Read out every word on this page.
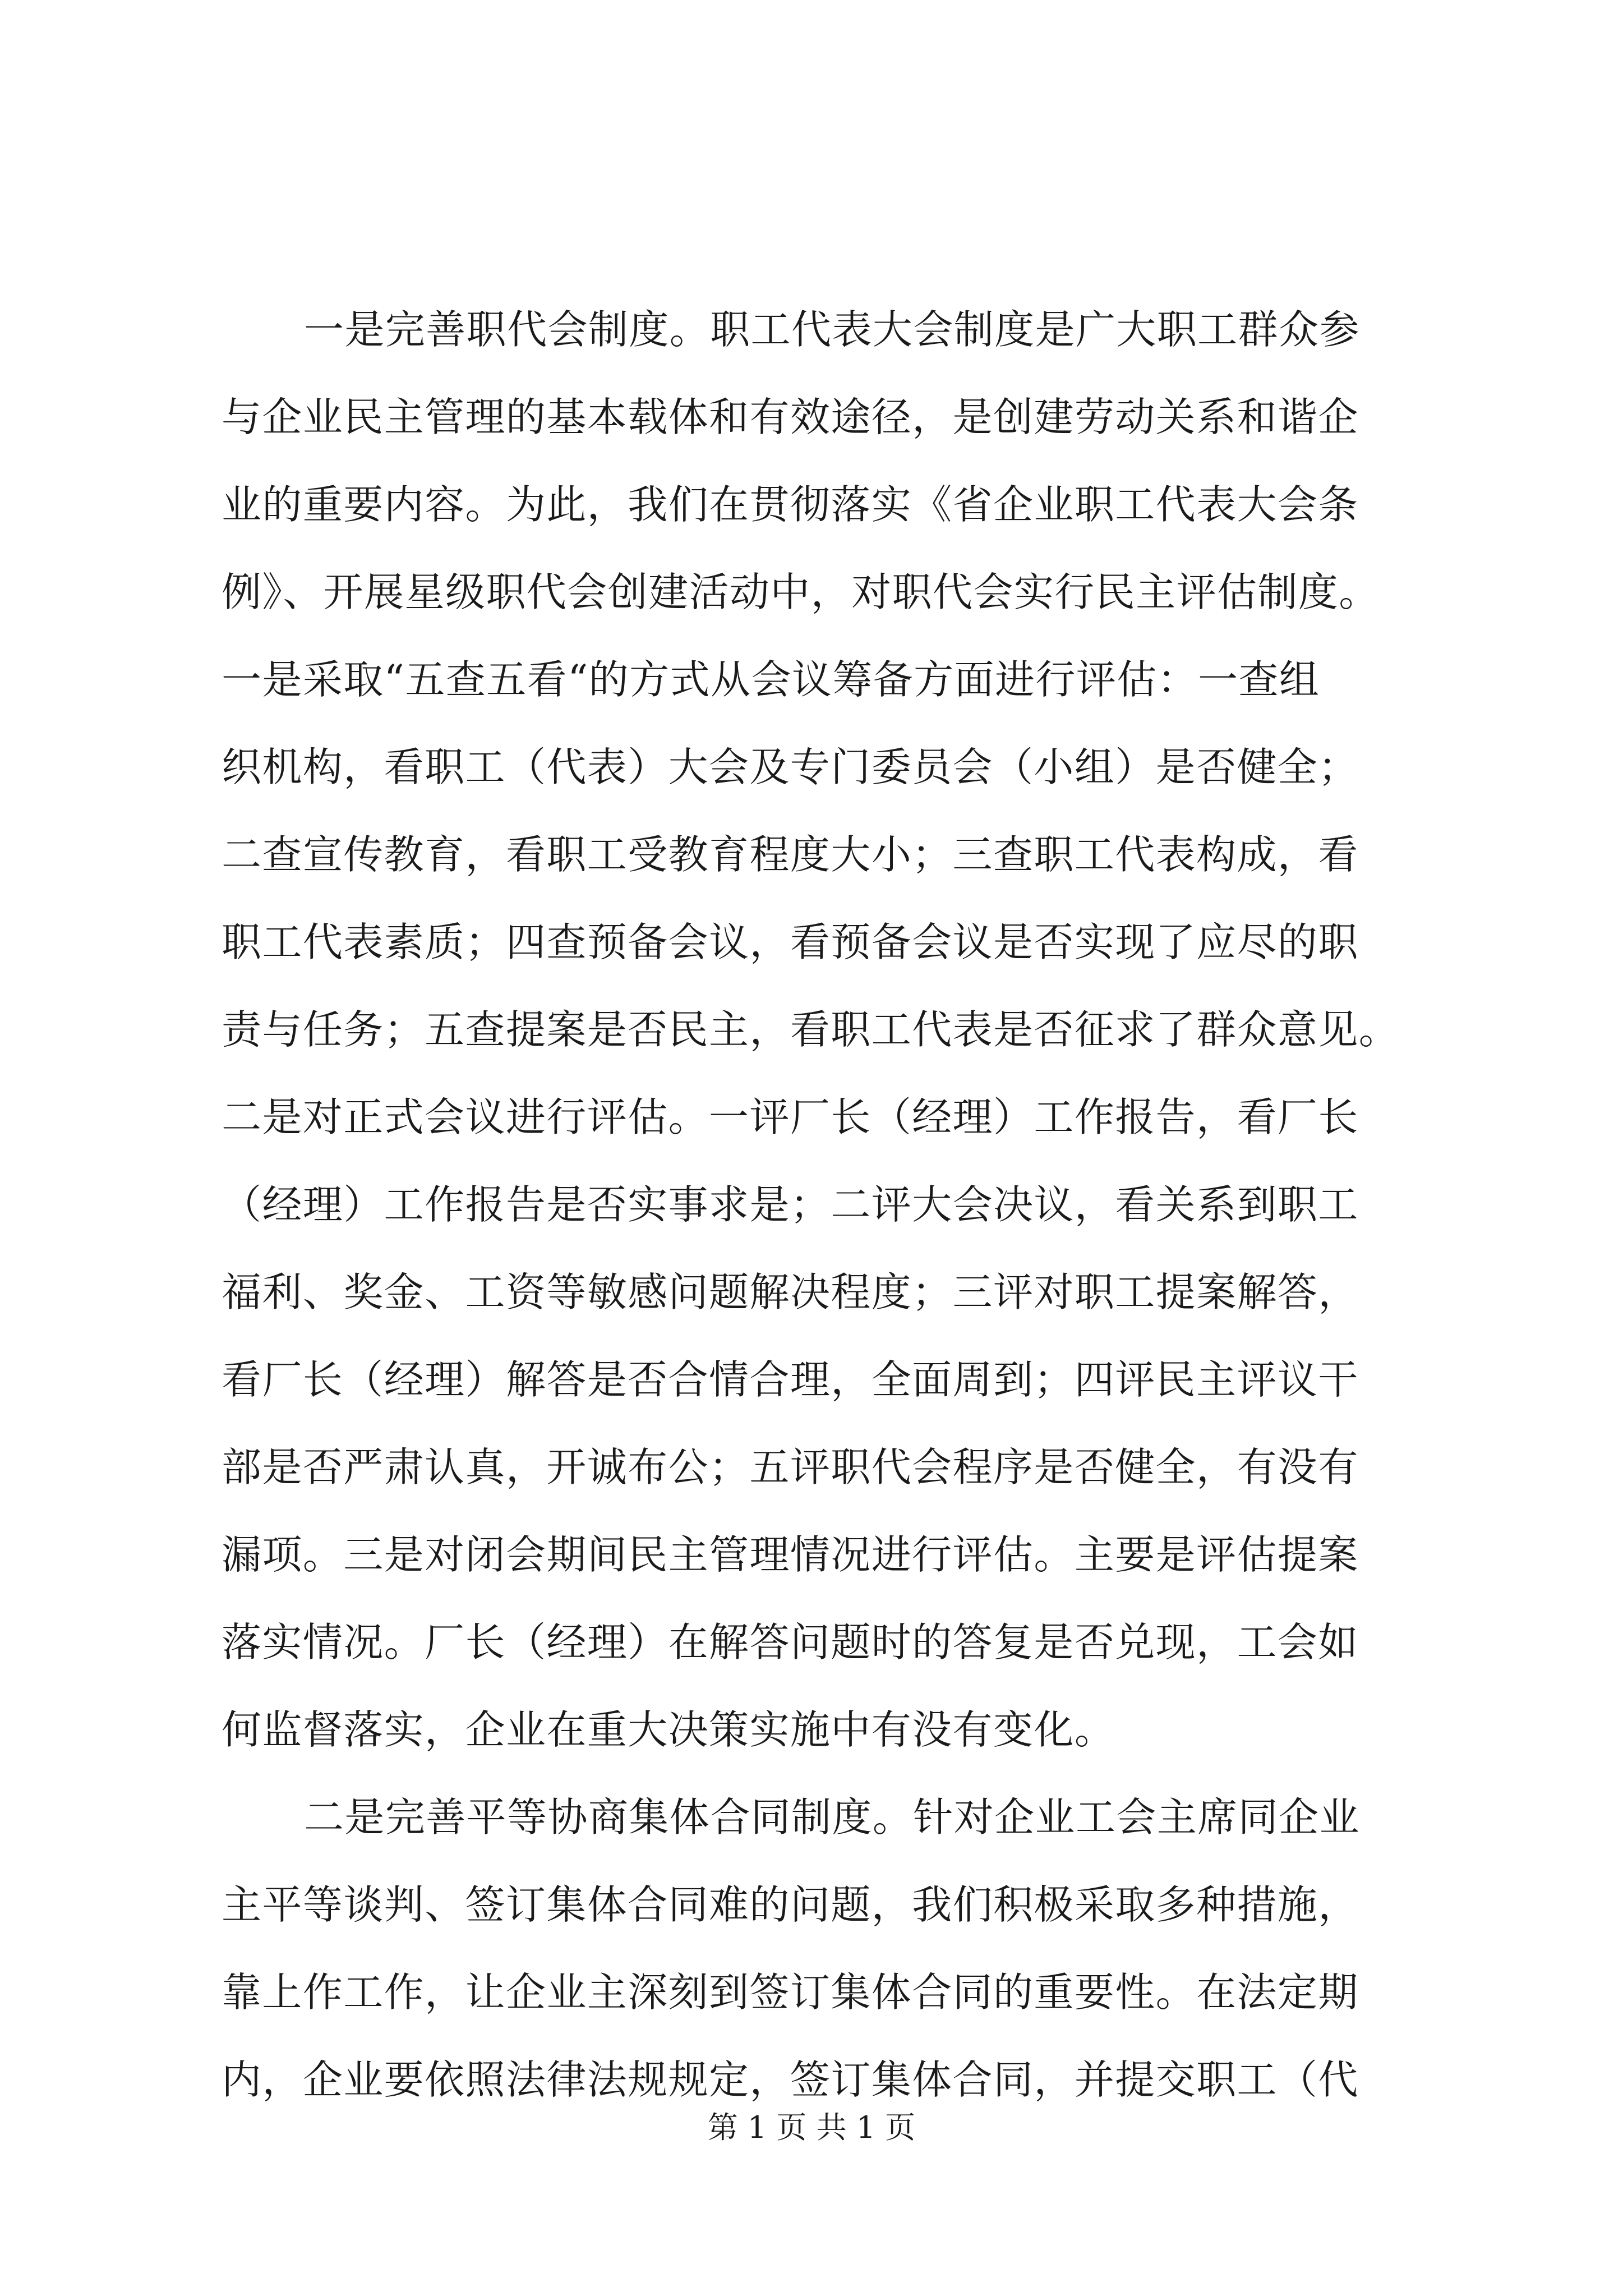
一是完善职代会制度。职工代表大会制度是广大职工群众参
与企业民主管理的基本载体和有效途径，是创建劳动关系和谐企
业的重要内容。为此，我们在贯彻落实《省企业职工代表大会条
例》、开展星级职代会创建活动中，对职代会实行民主评估制度。
一是采取“五查五看“的方式从会议筹备方面进行评估：一查组
织机构，看职工（代表）大会及专门委员会（小组）是否健全；
二查宣传教育，看职工受教育程度大小；三查职工代表构成，看
职工代表素质；四查预备会议，看预备会议是否实现了应尽的职
责与任务；五查提案是否民主，看职工代表是否征求了群众意见。
二是对正式会议进行评估。一评厂长（经理）工作报告，看厂长
（经理）工作报告是否实事求是；二评大会决议，看关系到职工
福利、奖金、工资等敏感问题解决程度；三评对职工提案解答，
看厂长（经理）解答是否合情合理，全面周到；四评民主评议干
部是否严肃认真，开诚布公；五评职代会程序是否健全，有没有
漏项。三是对闭会期间民主管理情况进行评估。主要是评估提案
落实情况。厂长（经理）在解答问题时的答复是否兑现，工会如
何监督落实，企业在重大决策实施中有没有变化。
二是完善平等协商集体合同制度。针对企业工会主席同企业
主平等谈判、签订集体合同难的问题，我们积极采取多种措施，
靠上作工作，让企业主深刻到签订集体合同的重要性。在法定期
内，企业要依照法律法规规定，签订集体合同，并提交职工（代
第 1 页 共 1 页
